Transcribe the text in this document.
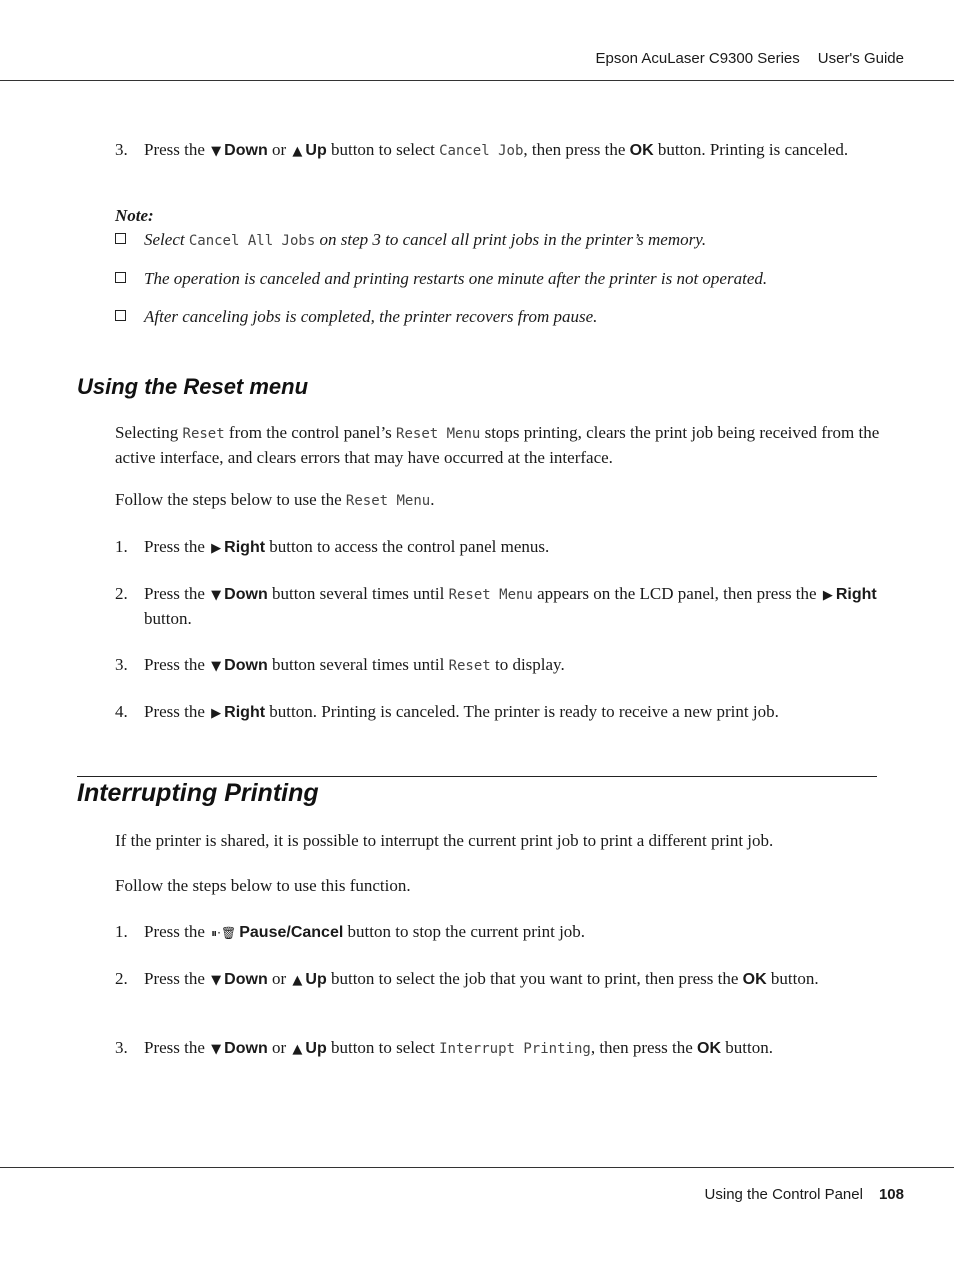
Epson AcuLaser C9300 Series User's Guide
3. Press the ▼ Down or ▲ Up button to select Cancel Job, then press the OK button. Printing is canceled.
Note:
Select Cancel All Jobs on step 3 to cancel all print jobs in the printer’s memory.
The operation is canceled and printing restarts one minute after the printer is not operated.
After canceling jobs is completed, the printer recovers from pause.
Using the Reset menu
Selecting Reset from the control panel’s Reset Menu stops printing, clears the print job being received from the active interface, and clears errors that may have occurred at the interface.
Follow the steps below to use the Reset Menu.
1. Press the ▶ Right button to access the control panel menus.
2. Press the ▼ Down button several times until Reset Menu appears on the LCD panel, then press the ▶ Right button.
3. Press the ▼ Down button several times until Reset to display.
4. Press the ▶ Right button. Printing is canceled. The printer is ready to receive a new print job.
Interrupting Printing
If the printer is shared, it is possible to interrupt the current print job to print a different print job.
Follow the steps below to use this function.
1. Press the ⏸·🗑 Pause/Cancel button to stop the current print job.
2. Press the ▼ Down or ▲ Up button to select the job that you want to print, then press the OK button.
3. Press the ▼ Down or ▲ Up button to select Interrupt Printing, then press the OK button.
Using the Control Panel 108
